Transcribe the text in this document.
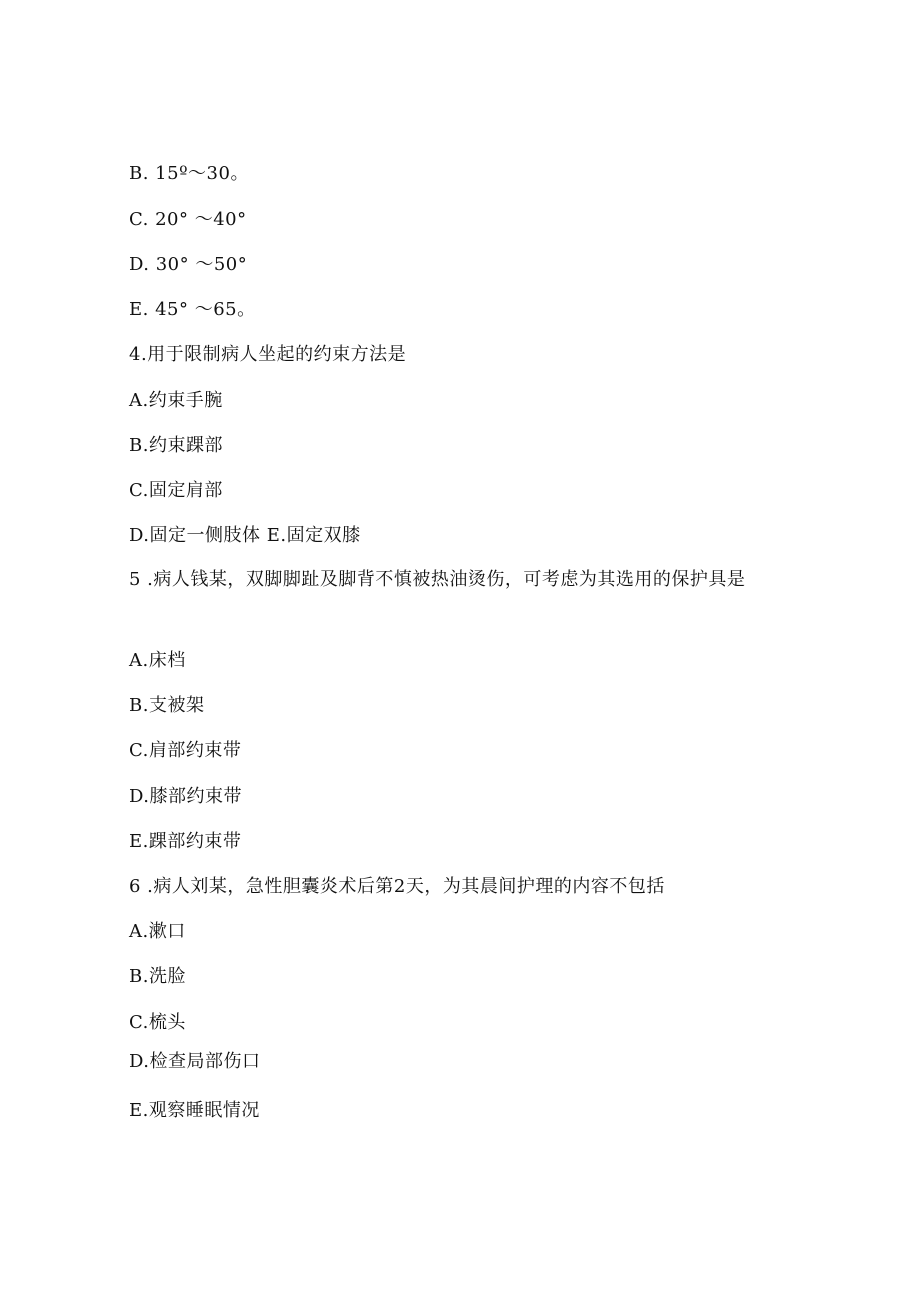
B. 15º～30。
C. 20° ～40°
D. 30° ～50°
E. 45° ～65。
4.用于限制病人坐起的约束方法是
A.约束手腕
B.约束踝部
C.固定肩部
D.固定一侧肢体 E.固定双膝
5 .病人钱某，双脚脚趾及脚背不慎被热油烫伤，可考虑为其选用的保护具是
A.床档
B.支被架
C.肩部约束带
D.膝部约束带
E.踝部约束带
6 .病人刘某，急性胆囊炎术后第2天，为其晨间护理的内容不包括
A.漱口
B.洗脸
C.梳头
D.检查局部伤口
E.观察睡眠情况
